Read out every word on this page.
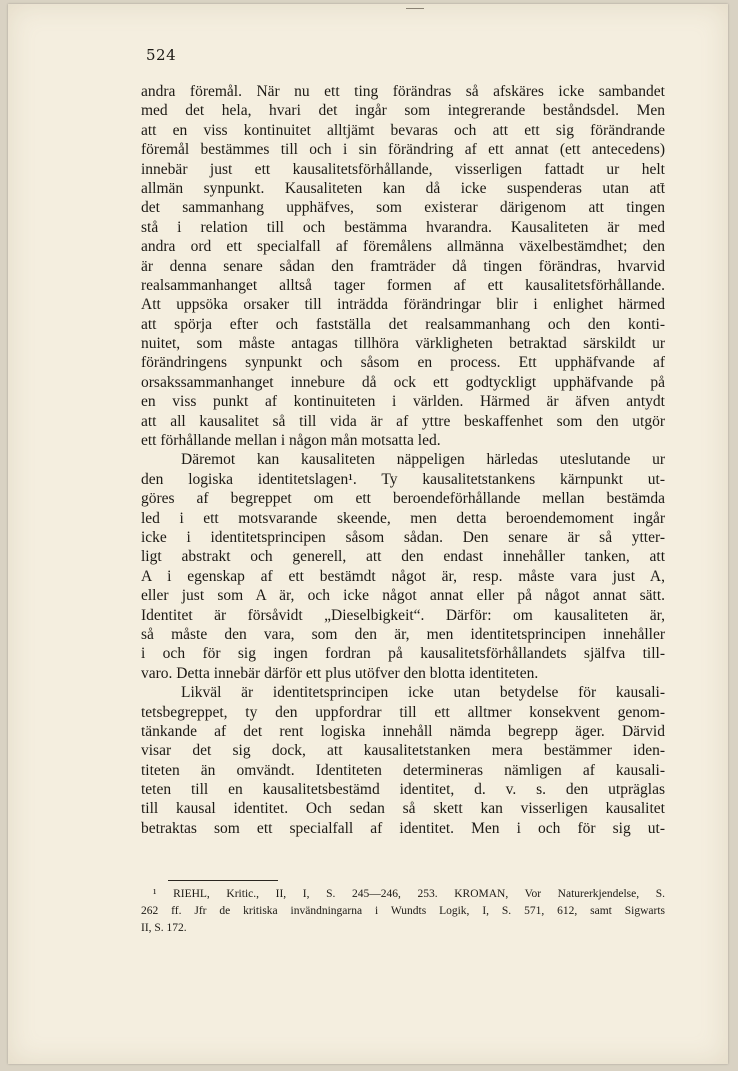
524
andra föremål. När nu ett ting förändras så afskäres icke sambandet
med det hela, hvari det ingår som integrerande beståndsdel. Men
att en viss kontinuitet alltjämt bevaras och att ett sig förändrande
föremål bestämmes till och i sin förändring af ett annat (ett antecedens)
innebär just ett kausalitetsförhållande, visserligen fattadt ur helt
allmän synpunkt. Kausaliteten kan då icke suspenderas utan att
det sammanhang upphäfves, som existerar därigenom att tingen
stå i relation till och bestämma hvarandra. Kausaliteten är med
andra ord ett specialfall af föremålens allmänna växelbestämdhet; den
är denna senare sådan den framträder då tingen förändras, hvarvid
realsammanhanget alltså tager formen af ett kausalitetsförhållande.
Att uppsöka orsaker till inträdda förändringar blir i enlighet härmed
att spörja efter och fastställa det realsammanhang och den konti-
nuitet, som måste antagas tillhöra värkligheten betraktad särskildt ur
förändringens synpunkt och såsom en process. Ett upphäfvande af
orsakssammanhanget innebure då ock ett godtyckligt upphäfvande på
en viss punkt af kontinuiteten i världen. Härmed är äfven antydt
att all kausalitet så till vida är af yttre beskaffenhet som den utgör
ett förhållande mellan i någon mån motsatta led.
Däremot kan kausaliteten näppeligen härledas uteslutande ur
den logiska identitetslagen¹. Ty kausalitetstankens kärnpunkt ut-
göres af begreppet om ett beroendeförhållande mellan bestämda
led i ett motsvarande skeende, men detta beroendemoment ingår
icke i identitetsprincipen såsom sådan. Den senare är så ytter-
ligt abstrakt och generell, att den endast innehåller tanken, att
A i egenskap af ett bestämdt något är, resp. måste vara just A,
eller just som A är, och icke något annat eller på något annat sätt.
Identitet är försåvidt „Dieselbigkeit“. Därför: om kausaliteten är,
så måste den vara, som den är, men identitetsprincipen innehåller
i och för sig ingen fordran på kausalitetsförhållandets själfva till-
varo. Detta innebär därför ett plus utöfver den blotta identiteten.
Likväl är identitetsprincipen icke utan betydelse för kausali-
tetsbegreppet, ty den uppfordrar till ett alltmer konsekvent genom-
tänkande af det rent logiska innehåll nämda begrepp äger. Därvid
visar det sig dock, att kausalitetstanken mera bestämmer iden-
titeten än omvändt. Identiteten determineras nämligen af kausali-
teten till en kausalitetsbestämd identitet, d. v. s. den utpräglas
till kausal identitet. Och sedan så skett kan visserligen kausalitet
betraktas som ett specialfall af identitet. Men i och för sig ut-
¹ RIEHL, Kritic., II, I, S. 245—246, 253. KROMAN, Vor Naturerkjendelse, S.
262 ff. Jfr de kritiska invändningarna i Wundts Logik, I, S. 571, 612, samt Sigwarts
II, S. 172.
